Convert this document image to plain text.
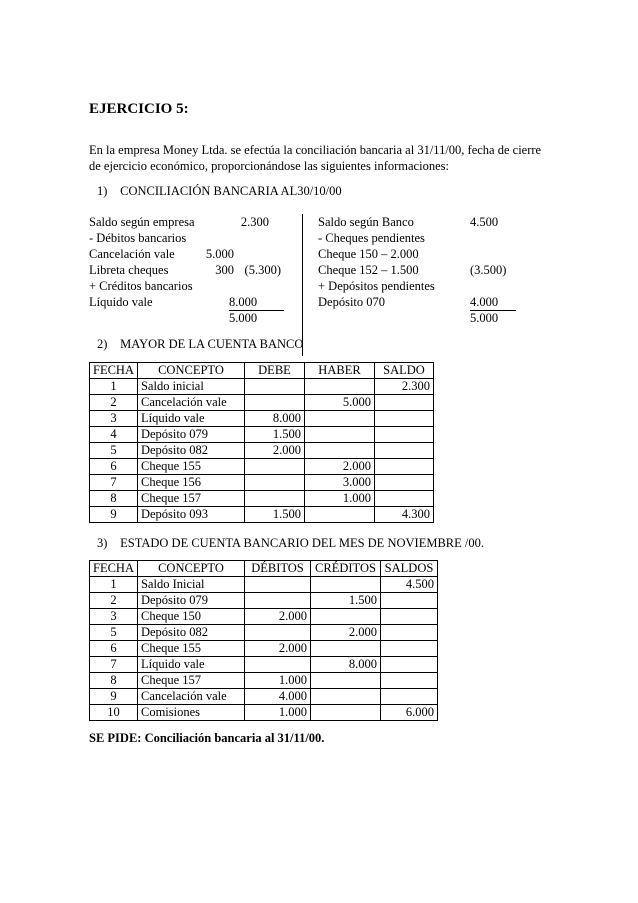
EJERCICIO 5:
En la empresa Money Ltda. se efectúa la conciliación bancaria al 31/11/00, fecha de cierre de ejercicio económico, proporcionándose las siguientes informaciones:
1) CONCILIACIÓN BANCARIA AL30/10/00
Saldo según empresa	2.300
- Débitos bancarios
Cancelación vale	5.000
Libreta cheques	300 (5.300)
+ Créditos bancarios
Líquido vale	8.000
5.000
Saldo según Banco	4.500
- Cheques pendientes
Cheque 150 – 2.000
Cheque 152 – 1.500	(3.500)
+ Depósitos pendientes
Depósito 070	4.000
5.000
2) MAYOR DE LA CUENTA BANCO
FECHA	CONCEPTO	DEBE	HABER	SALDO
1	Saldo inicial			2.300
2	Cancelación vale		5.000	
3	Líquido vale	8.000		
4	Depósito 079	1.500		
5	Depósito 082	2.000		
6	Cheque 155		2.000	
7	Cheque 156		3.000	
8	Cheque 157		1.000	
9	Depósito 093	1.500		4.300
3) ESTADO DE CUENTA BANCARIO DEL MES DE NOVIEMBRE /00.
FECHA	CONCEPTO	DÉBITOS	CRÉDITOS	SALDOS
1	Saldo Inicial			4.500
2	Depósito 079		1.500	
3	Cheque 150	2.000		
5	Depósito 082		2.000	
6	Cheque 155	2.000		
7	Líquido vale		8.000	
8	Cheque 157	1.000		
9	Cancelación vale	4.000		
10	Comisiones	1.000		6.000
SE PIDE: Conciliación bancaria al 31/11/00.
